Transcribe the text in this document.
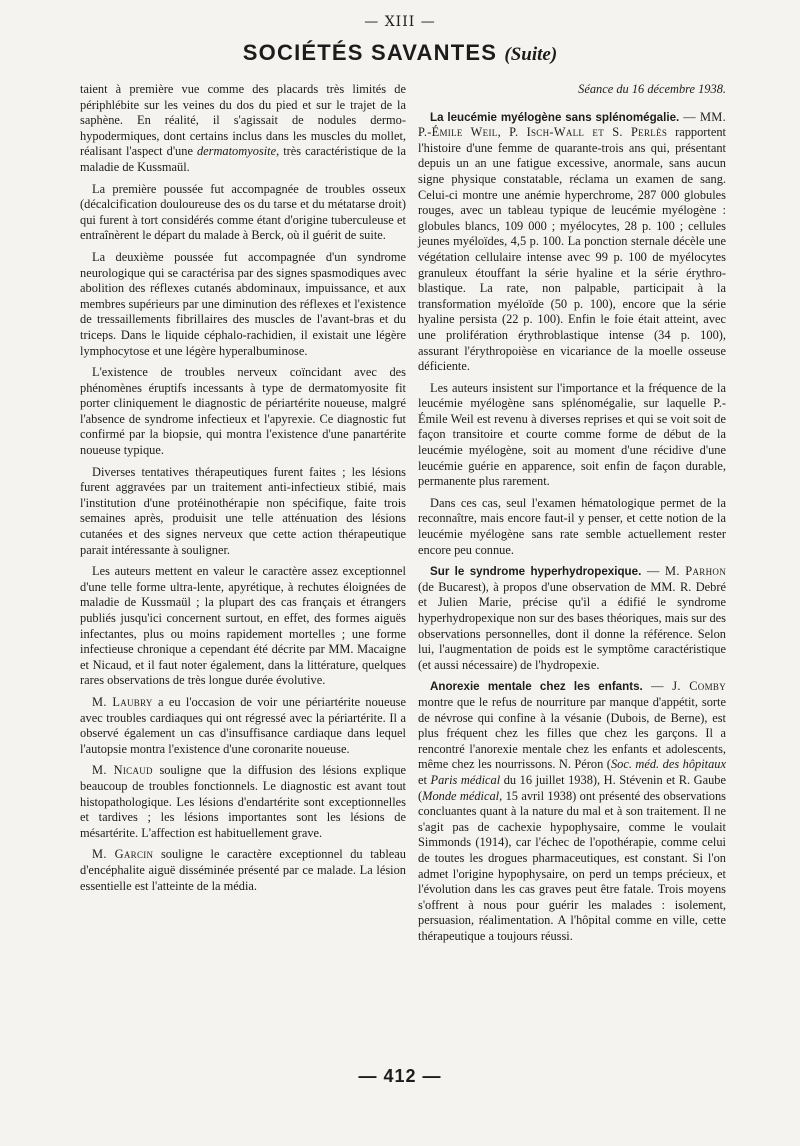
— XIII —
SOCIÉTÉS SAVANTES (Suite)

taient à première vue comme des placards très limités de périphlébite sur les veines du dos du pied et sur le trajet de la saphène. En réalité, il s'agissait de nodules dermo-hypodermiques, dont certains inclus dans les muscles du mollet, réalisant l'aspect d'une dermatomyositе, très caractéristique de la maladie de Kussmaül.

La première poussée fut accompagnée de troubles osseux (décalcification douloureuse des os du tarse et du métatarse droit) qui furent à tort considérés comme étant d'origine tuberculeuse et entraînèrent le départ du malade à Berck, où il guérit de suite.

La deuxième poussée fut accompagnée d'un syndrome neurologique qui se caractérisa par des signes spasmodiques avec abolition des réflexes cutanés abdominaux, impuissance, et aux membres supérieurs par une diminution des réflexes et l'existence de tressaillements fibrillaires des muscles de l'avant-bras et du triceps. Dans le liquide céphalo-rachidien, il existait une légère lymphocytose et une légère hyperalbuminose.

L'existence de troubles nerveux coïncidant avec des phénomènes éruptifs incessants à type de dermatomyosite fit porter cliniquement le diagnostic de périartérite noueuse, malgré l'absence de syndrome infectieux et l'apyrexie. Ce diagnostic fut confirmé par la biopsie, qui montra l'existence d'une panartérite noueuse typique.

Diverses tentatives thérapeutiques furent faites ; les lésions furent aggravées par un traitement anti-infectieux stibié, mais l'institution d'une protéinothérapie non spécifique, faite trois semaines après, produisit une telle atténuation des lésions cutanées et des signes nerveux que cette action thérapeutique parait intéressante à souligner.

Les auteurs mettent en valeur le caractère assez exceptionnel d'une telle forme ultra-lente, apyrétique, à rechutes éloignées de maladie de Kussmaül ; la plupart des cas français et étrangers publiés jusqu'ici concernent surtout, en effet, des formes aiguës infectantes, plus ou moins rapidement mortelles ; une forme infectieuse chronique a cependant été décrite par MM. Macaigne et Nicaud, et il faut noter également, dans la littérature, quelques rares observations de très longue durée évolutive.

M. Laubry a eu l'occasion de voir une périartérite noueuse avec troubles cardiaques qui ont régressé avec la périartérite. Il a observé également un cas d'insuffisance cardiaque dans lequel l'autopsie montra l'existence d'une coronarite noueuse.

M. Nicaud souligne que la diffusion des lésions explique beaucoup de troubles fonctionnels. Le diagnostic est avant tout histopathologique. Les lésions d'endartérite sont exceptionnelles et tardives ; les lésions importantes sont les lésions de mésartérite. L'affection est habituellement grave.

M. Garcin souligne le caractère exceptionnel du tableau d'encéphalite aiguë disséminée présenté par ce malade. La lésion essentielle est l'atteinte de la média.

Séance du 16 décembre 1938.

La leucémie myélogène sans splénomégalie. — MM. P.-Émile Weil, P. Isch-Wall et S. Perlès rapportent l'histoire d'une femme de quarante-trois ans qui, présentant depuis un an une fatigue excessive, anormale, sans aucun signe physique constatable, réclama un examen de sang. Celui-ci montre une anémie hyperchrome, 287 000 globules rouges, avec un tableau typique de leucémie myélogène : globules blancs, 109 000 ; myélocytes, 28 p. 100 ; cellules jeunes myéloïdes, 4,5 p. 100. La ponction sternale décèle une végétation cellulaire intense avec 99 p. 100 de myélocytes granuleux étouffant la série hyaline et la série érythro-blastique. La rate, non palpable, participait à la transformation myéloïde (50 p. 100), encore que la série hyaline persista (22 p. 100). Enfin le foie était atteint, avec une prolifération érythroblastique intense (34 p. 100), assurant l'érythropoièse en vicariance de la moelle osseuse déficiente.

Les auteurs insistent sur l'importance et la fréquence de la leucémie myélogène sans splénomégalie, sur laquelle P.-Émile Weil est revenu à diverses reprises et qui se voit soit de façon transitoire et courte comme forme de début de la leucémie myélogène, soit au moment d'une récidive d'une leucémie guérie en apparence, soit enfin de façon durable, permanente plus rarement.

Dans ces cas, seul l'examen hématologique permet de la reconnaître, mais encore faut-il y penser, et cette notion de la leucémie myélogène sans rate semble actuellement rester encore peu connue.

Sur le syndrome hyperhydropexique. — M. Parhon (de Bucarest), à propos d'une observation de MM. R. Debré et Julien Marie, précise qu'il a édifié le syndrome hyperhydropexique non sur des bases théoriques, mais sur des observations personnelles, dont il donne la référence. Selon lui, l'augmentation de poids est le symptôme caractéristique (et aussi nécessaire) de l'hydropexie.

Anorexie mentale chez les enfants. — J. Comby montre que le refus de nourriture par manque d'appétit, sorte de névrose qui confine à la vésanie (Dubois, de Berne), est plus fréquent chez les filles que chez les garçons. Il a rencontré l'anorexie mentale chez les enfants et adolescents, même chez les nourrissons. N. Péron (Soc. méd. des hôpitaux et Paris médical du 16 juillet 1938), H. Stévenin et R. Gaube (Monde médical, 15 avril 1938) ont présenté des observations concluantes quant à la nature du mal et à son traitement. Il ne s'agit pas de cachexie hypophysaire, comme le voulait Simmonds (1914), car l'échec de l'opothérapie, comme celui de toutes les drogues pharmaceutiques, est constant. Si l'on admet l'origine hypophysaire, on perd un temps précieux, et l'évolution dans les cas graves peut être fatale. Trois moyens s'offrent à nous pour guérir les malades : isolement, persuasion, réalimentation. A l'hôpital comme en ville, cette thérapeutique a toujours réussi.

— 412 —
